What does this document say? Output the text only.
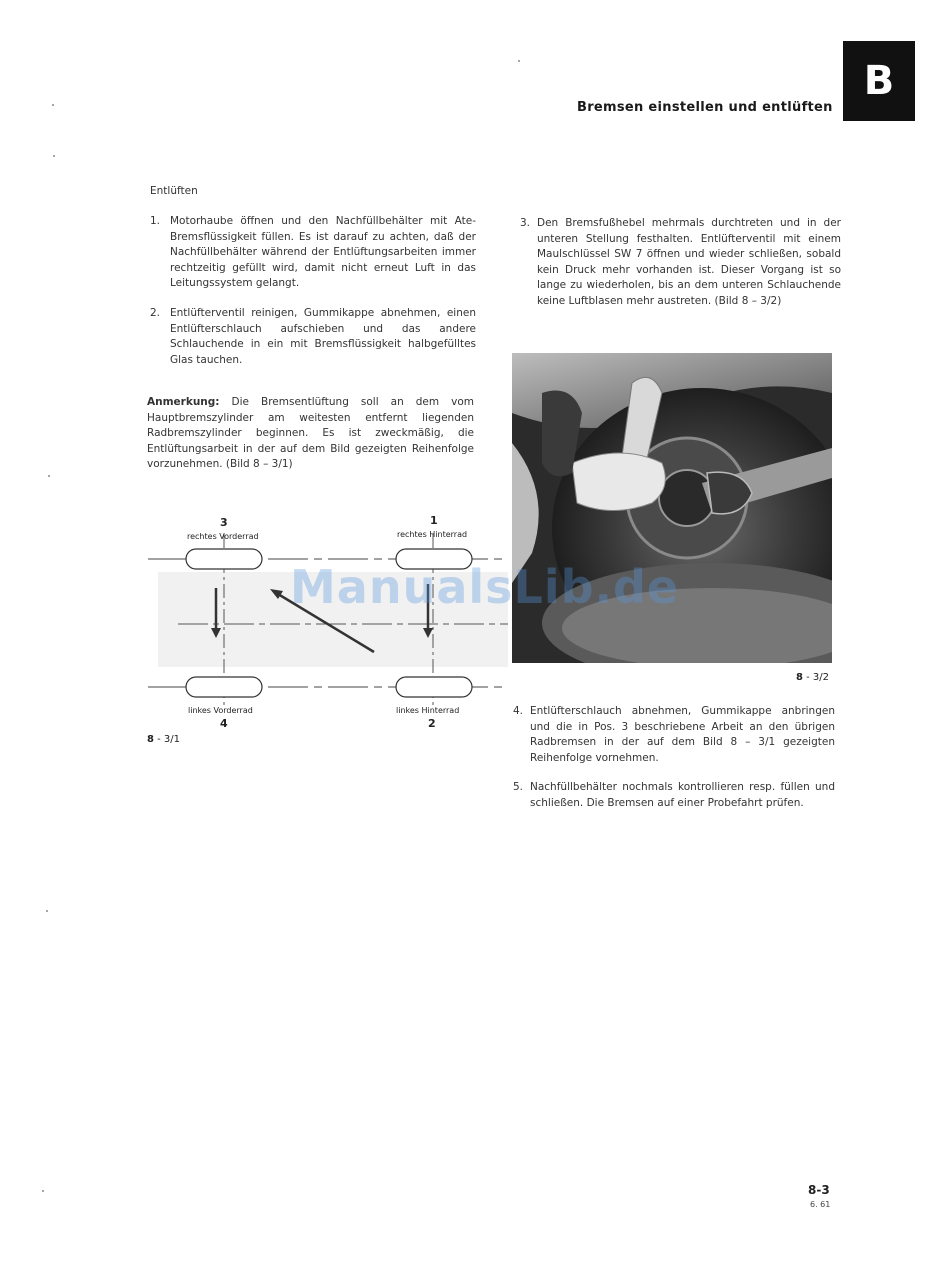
B
Bremsen einstellen und entlüften
Entlüften
1. Motorhaube öffnen und den Nachfüllbehälter mit Ate-Bremsflüssigkeit füllen. Es ist darauf zu achten, daß der Nachfüllbehälter während der Entlüftungsarbeiten immer rechtzeitig gefüllt wird, damit nicht erneut Luft in das Leitungssystem gelangt.
2. Entlüfterventil reinigen, Gummikappe abnehmen, einen Entlüfterschlauch aufschieben und das andere Schlauchende in ein mit Bremsflüssigkeit halbgefülltes Glas tauchen.
Anmerkung: Die Bremsentlüftung soll an dem vom Hauptbremszylinder am weitesten entfernt liegenden Radbremszylinder beginnen. Es ist zweckmäßig, die Entlüftungsarbeit in der auf dem Bild gezeigten Reihenfolge vorzunehmen. (Bild 8 – 3/1)
3
rechtes Vorderrad
1
rechtes Hinterrad
linkes Vorderrad
4
linkes Hinterrad
2
8 - 3/1
3. Den Bremsfußhebel mehrmals durchtreten und in der unteren Stellung festhalten. Entlüfterventil mit einem Maulschlüssel SW 7 öffnen und wieder schließen, sobald kein Druck mehr vorhanden ist. Dieser Vorgang ist so lange zu wiederholen, bis an dem unteren Schlauchende keine Luftblasen mehr austreten. (Bild 8 – 3/2)
8 - 3/2
4. Entlüfterschlauch abnehmen, Gummikappe anbringen und die in Pos. 3 beschriebene Arbeit an den übrigen Radbremsen in der auf dem Bild 8 – 3/1 gezeigten Reihenfolge vornehmen.
5. Nachfüllbehälter nochmals kontrollieren resp. füllen und schließen. Die Bremsen auf einer Probefahrt prüfen.
ManualsLib.de
8-3
6. 61
